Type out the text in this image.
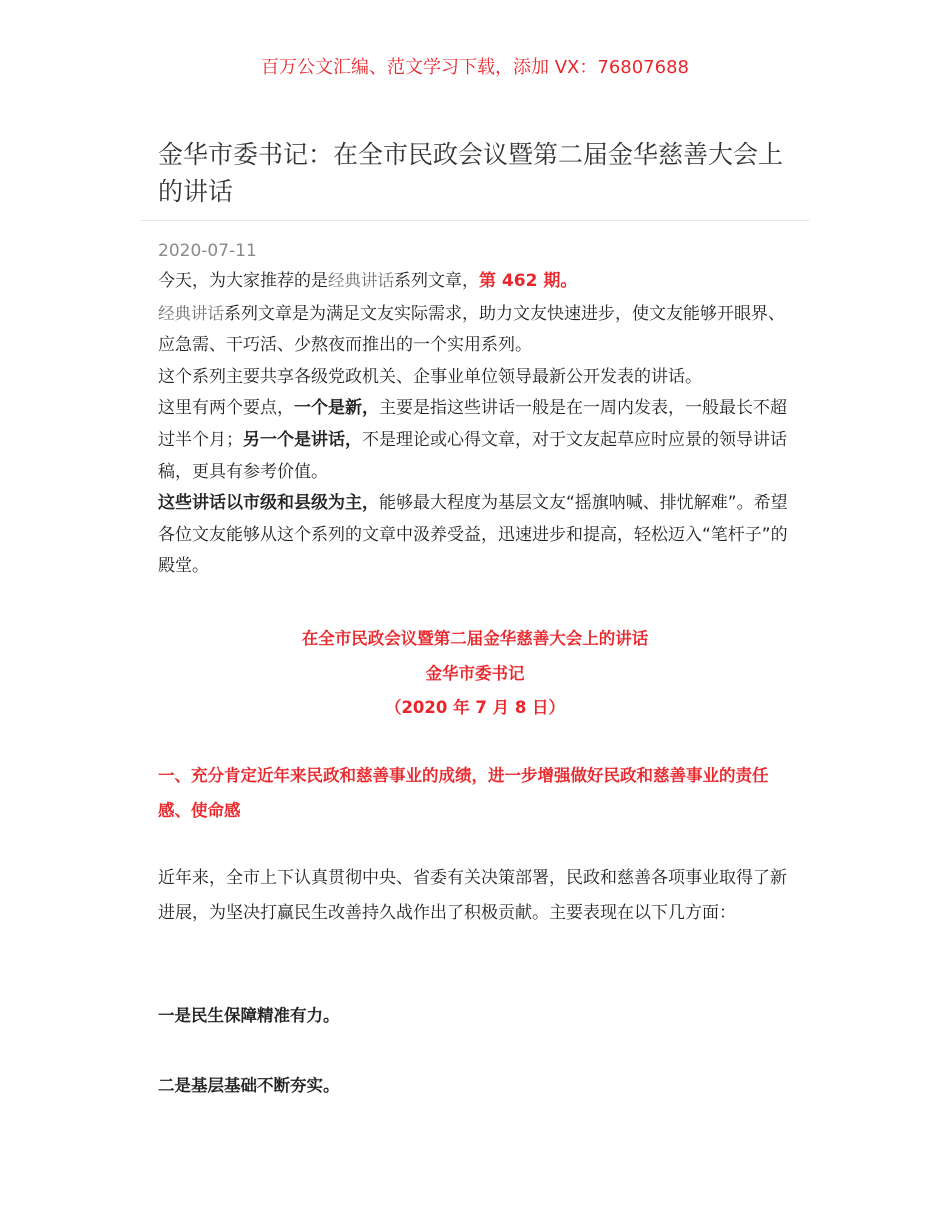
百万公文汇编、范文学习下载，添加 VX：76807688
金华市委书记：在全市民政会议暨第二届金华慈善大会上的讲话
2020-07-11

今天，为大家推荐的是经典讲话系列文章，第 462 期。

经典讲话系列文章是为满足文友实际需求，助力文友快速进步，使文友能够开眼界、应急需、干巧活、少熬夜而推出的一个实用系列。

这个系列主要共享各级党政机关、企事业单位领导最新公开发表的讲话。

这里有两个要点，一个是新，主要是指这些讲话一般是在一周内发表，一般最长不超过半个月；另一个是讲话，不是理论或心得文章，对于文友起草应时应景的领导讲话稿，更具有参考价值。

这些讲话以市级和县级为主，能够最大程度为基层文友“摇旗呐喊、排忧解难”。希望各位文友能够从这个系列的文章中汲养受益，迅速进步和提高，轻松迈入“笔杆子”的殿堂。

在全市民政会议暨第二届金华慈善大会上的讲话
金华市委书记
（2020 年 7 月 8 日）

一、充分肯定近年来民政和慈善事业的成绩，进一步增强做好民政和慈善事业的责任感、使命感

近年来，全市上下认真贯彻中央、省委有关决策部署，民政和慈善各项事业取得了新进展，为坚决打赢民生改善持久战作出了积极贡献。主要表现在以下几方面：

一是民生保障精准有力。

二是基层基础不断夯实。
